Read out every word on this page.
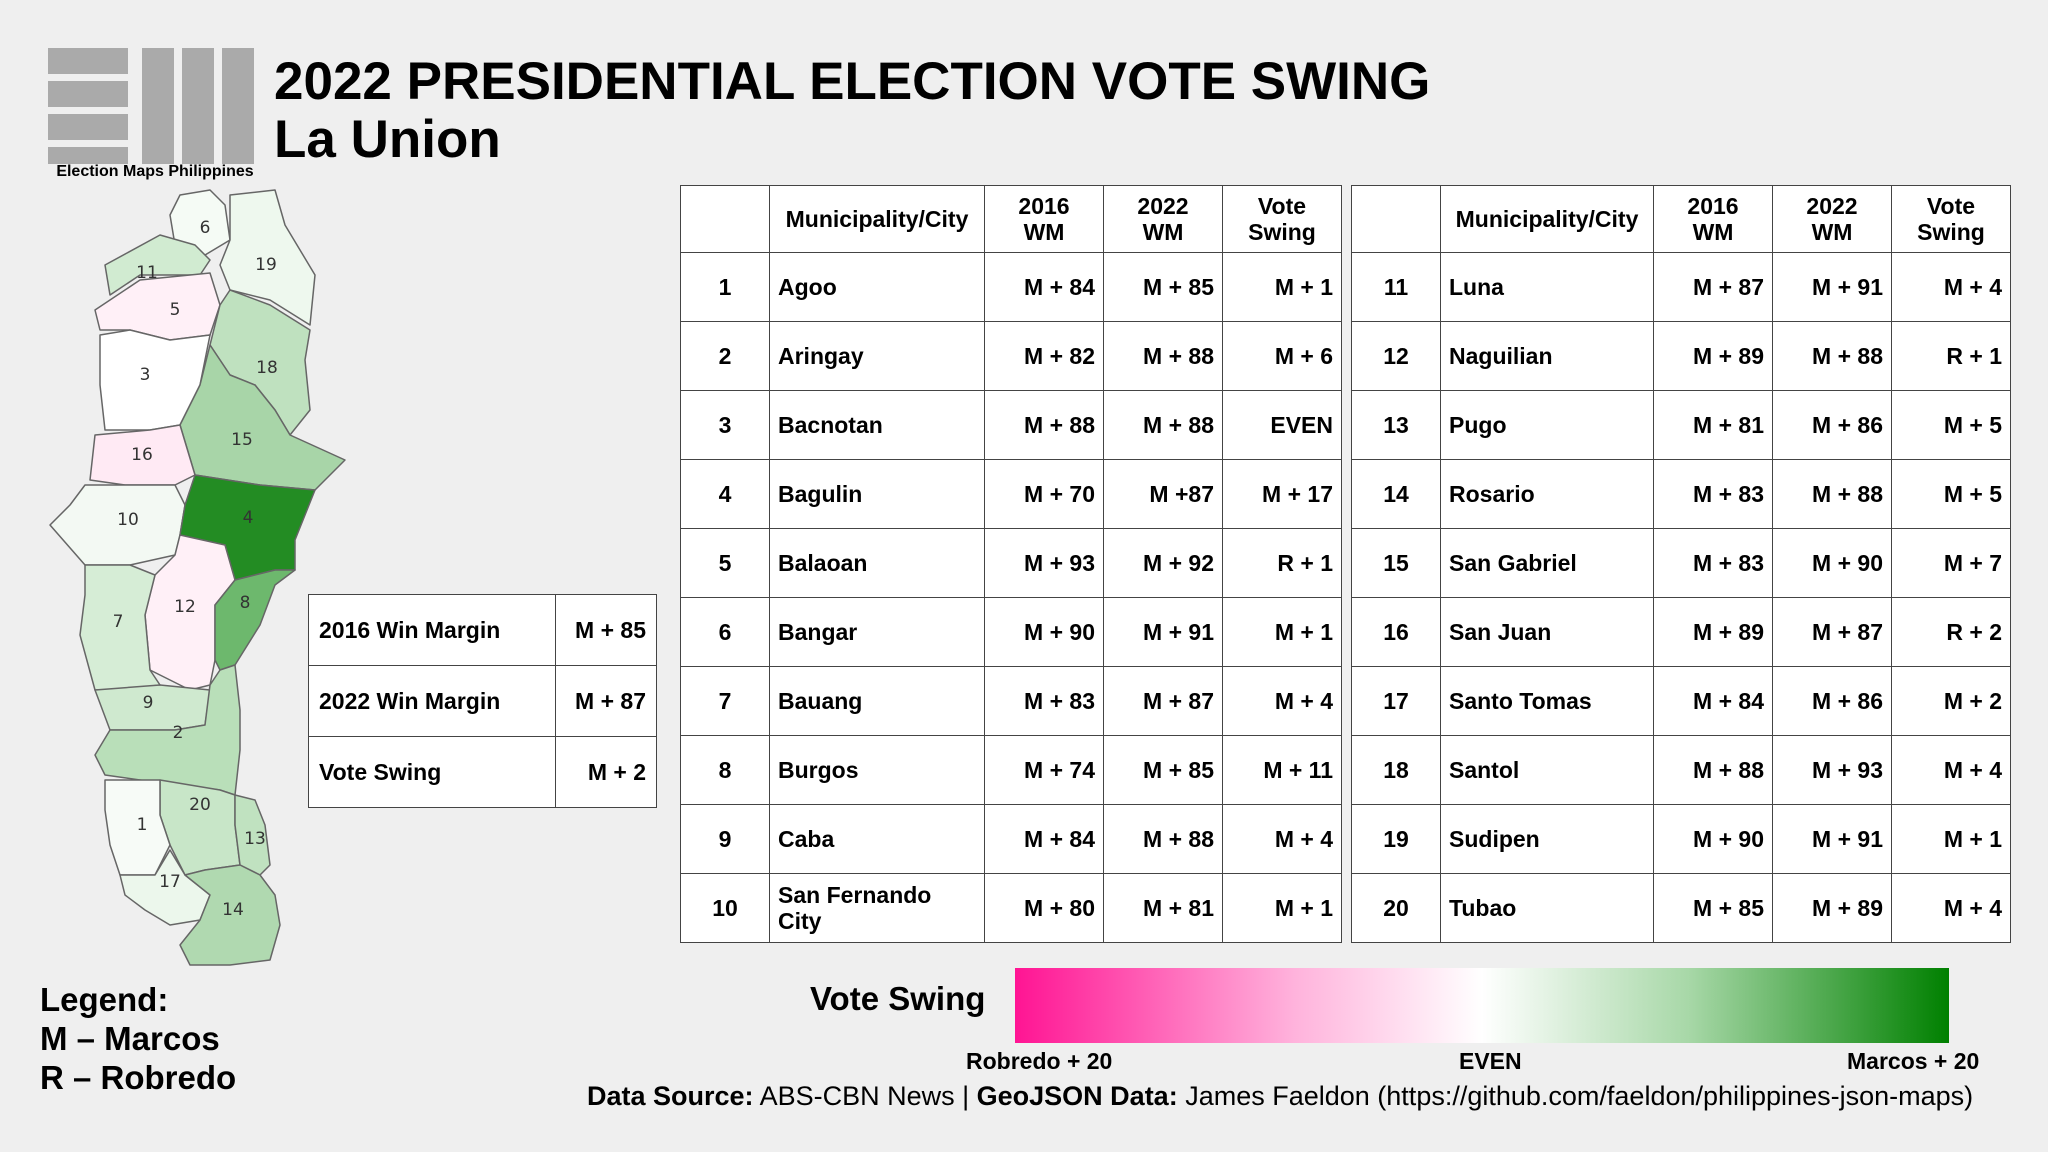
Election Maps Philippines
2022 PRESIDENTIAL ELECTION VOTE SWING
La Union
6
19
11
5
18
3
15
16
10	4
12	8
7
9
2
20
13
1
17
14
2016 Win Margin	M + 85
2022 Win Margin	M + 87
Vote Swing	M + 2
	Municipality/City	2016 WM	2022 WM	Vote Swing

1	Agoo	M + 84	M + 85	M + 1
2	Aringay	M + 82	M + 88	M + 6
3	Bacnotan	M + 88	M + 88	EVEN
4	Bagulin	M + 70	M +87	M + 17
5	Balaoan	M + 93	M + 92	R + 1
6	Bangar	M + 90	M + 91	M + 1
7	Bauang	M + 83	M + 87	M + 4
8	Burgos	M + 74	M + 85	M + 11
9	Caba	M + 84	M + 88	M + 4
10	San Fernando City	M + 80	M + 81	M + 1
	Municipality/City	2016 WM	2022 WM	Vote Swing

11	Luna	M + 87	M + 91	M + 4
12	Naguilian	M + 89	M + 88	R + 1
13	Pugo	M + 81	M + 86	M + 5
14	Rosario	M + 83	M + 88	M + 5
15	San Gabriel	M + 83	M + 90	M + 7
16	San Juan	M + 89	M + 87	R + 2
17	Santo Tomas	M + 84	M + 86	M + 2
18	Santol	M + 88	M + 93	M + 4
19	Sudipen	M + 90	M + 91	M + 1
20	Tubao	M + 85	M + 89	M + 4
Legend:
M – Marcos
R – Robredo
Vote Swing
Robredo + 20	EVEN	Marcos + 20
Data Source: ABS-CBN News | GeoJSON Data: James Faeldon (https://github.com/faeldon/philippines-json-maps)
